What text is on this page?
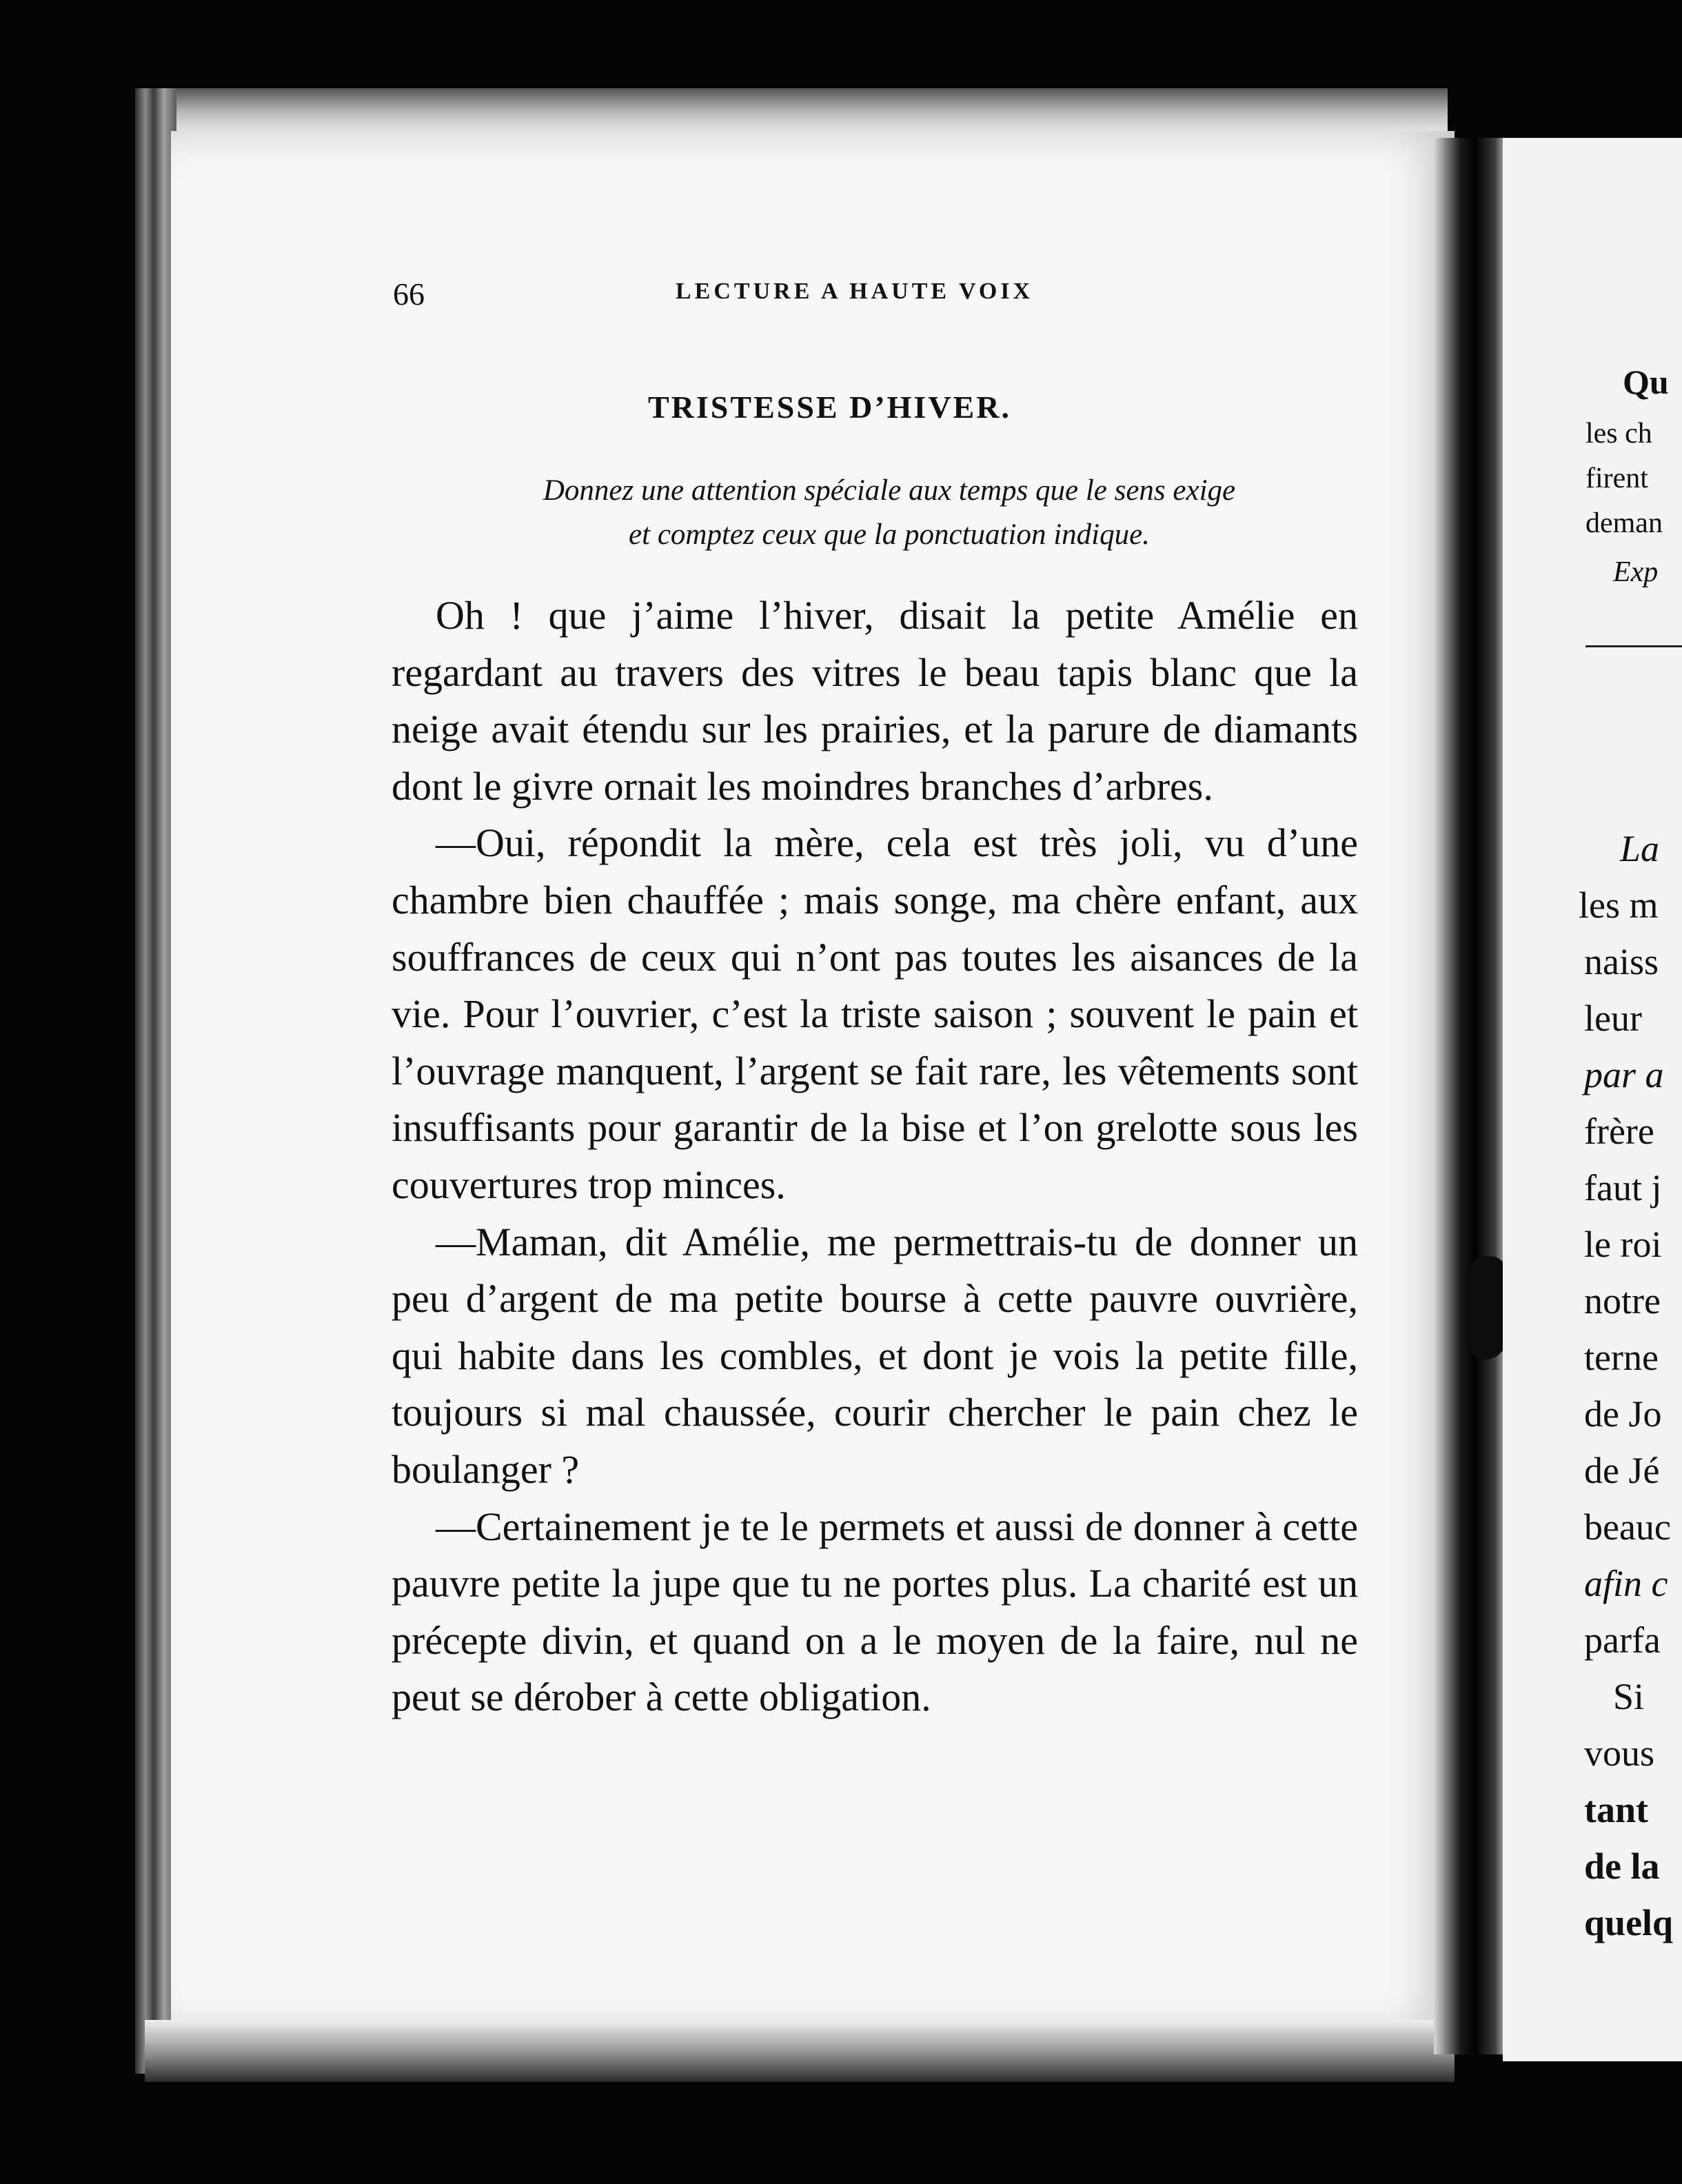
66	LECTURE A HAUTE VOIX
TRISTESSE D’HIVER.
Donnez une attention spéciale aux temps que le sens exige
et comptez ceux que la ponctuation indique.

Oh ! que j’aime l’hiver, disait la petite Amélie en regardant au travers des vitres le beau tapis blanc que la neige avait étendu sur les prairies, et la parure de diamants dont le givre ornait les moindres branches d’arbres.

—Oui, répondit la mère, cela est très joli, vu d’une chambre bien chauffée ; mais songe, ma chère enfant, aux souffrances de ceux qui n’ont pas toutes les aisances de la vie. Pour l’ouvrier, c’est la triste saison ; souvent le pain et l’ouvrage manquent, l’argent se fait rare, les vêtements sont insuffisants pour garantir de la bise et l’on grelotte sous les couvertures trop minces.

—Maman, dit Amélie, me permettrais-tu de donner un peu d’argent de ma petite bourse à cette pauvre ouvrière, qui habite dans les combles, et dont je vois la petite fille, toujours si mal chaussée, courir chercher le pain chez le boulanger ?

—Certainement je te le permets et aussi de donner à cette pauvre petite la jupe que tu ne portes plus. La charité est un précepte divin, et quand on a le moyen de la faire, nul ne peut se dérober à cette obligation.

Qu
les ch
firent
deman
Exp
La
les m
naiss
leur
par a
frère
faut j
le roi
notre
terne
de Jo
de Jé
beauc
afin c
parfa
Si
vous
tant
de la
quelq
